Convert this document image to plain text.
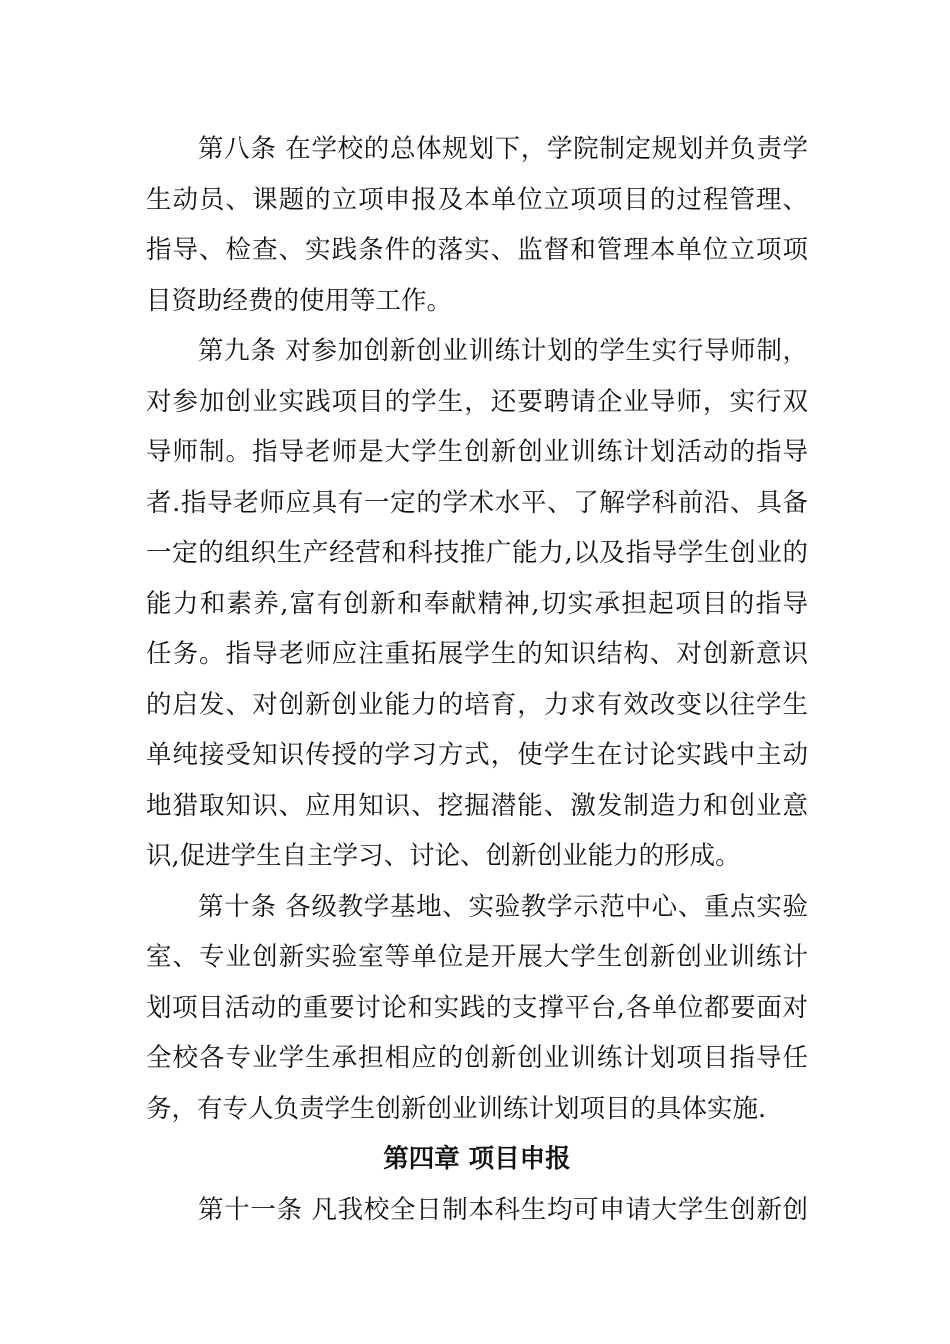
第八条 在学校的总体规划下，学院制定规划并负责学
生动员、课题的立项申报及本单位立项项目的过程管理、
指导、检查、实践条件的落实、监督和管理本单位立项项
目资助经费的使用等工作。
第九条 对参加创新创业训练计划的学生实行导师制，
对参加创业实践项目的学生，还要聘请企业导师，实行双
导师制。指导老师是大学生创新创业训练计划活动的指导
者.指导老师应具有一定的学术水平、了解学科前沿、具备
一定的组织生产经营和科技推广能力,以及指导学生创业的
能力和素养,富有创新和奉献精神,切实承担起项目的指导
任务。指导老师应注重拓展学生的知识结构、对创新意识
的启发、对创新创业能力的培育，力求有效改变以往学生
单纯接受知识传授的学习方式，使学生在讨论实践中主动
地猎取知识、应用知识、挖掘潜能、激发制造力和创业意
识,促进学生自主学习、讨论、创新创业能力的形成。
第十条 各级教学基地、实验教学示范中心、重点实验
室、专业创新实验室等单位是开展大学生创新创业训练计
划项目活动的重要讨论和实践的支撑平台,各单位都要面对
全校各专业学生承担相应的创新创业训练计划项目指导任
务，有专人负责学生创新创业训练计划项目的具体实施.
第四章 项目申报
第十一条 凡我校全日制本科生均可申请大学生创新创
